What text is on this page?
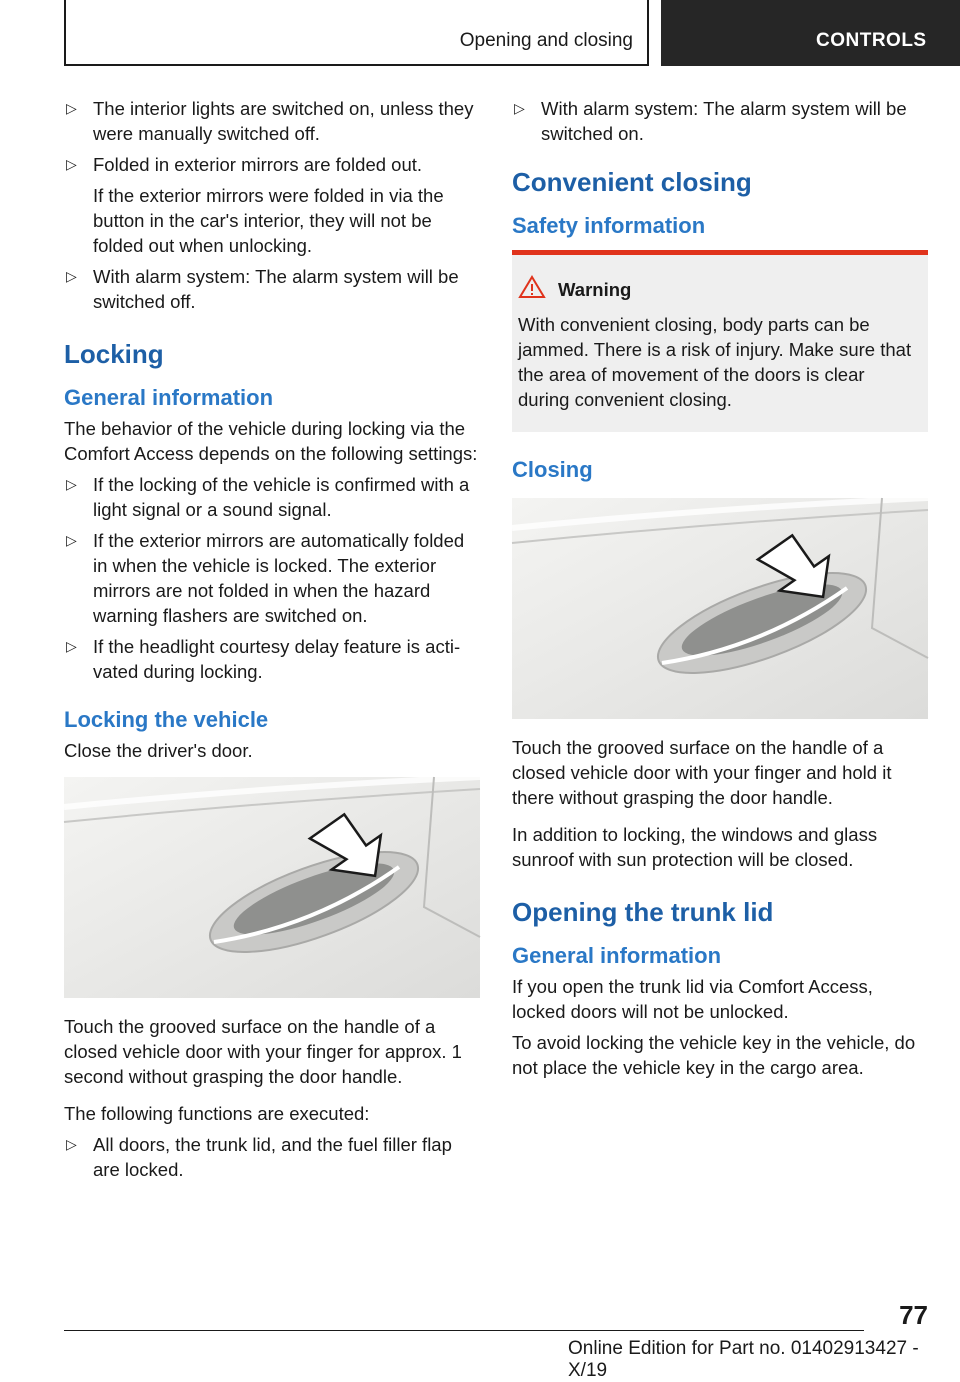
Opening and closing	CONTROLS
▷ The interior lights are switched on, unless they were manually switched off.
▷ Folded in exterior mirrors are folded out.

If the exterior mirrors were folded in via the button in the car's interior, they will not be folded out when unlocking.

▷ With alarm system: The alarm system will be switched off.
Locking
General information

The behavior of the vehicle during locking via the Comfort Access depends on the following settings:

▷ If the locking of the vehicle is confirmed with a light signal or a sound signal.
▷ If the exterior mirrors are automatically folded in when the vehicle is locked. The exterior mirrors are not folded in when the hazard warning flashers are switched on.
▷ If the headlight courtesy delay feature is activated during locking.
Locking the vehicle

Close the driver's door.

Touch the grooved surface on the handle of a closed vehicle door with your finger for approx. 1 second without grasping the door handle.

The following functions are executed:

▷ All doors, the trunk lid, and the fuel filler flap are locked.
▷ With alarm system: The alarm system will be switched on.
Convenient closing
Safety information
Warning

With convenient closing, body parts can be jammed. There is a risk of injury. Make sure that the area of movement of the doors is clear during convenient closing.

Closing

Touch the grooved surface on the handle of a closed vehicle door with your finger and hold it there without grasping the door handle.

In addition to locking, the windows and glass sunroof with sun protection will be closed.

Opening the trunk lid
General information

If you open the trunk lid via Comfort Access, locked doors will not be unlocked.

To avoid locking the vehicle key in the vehicle, do not place the vehicle key in the cargo area.

77
Online Edition for Part no. 01402913427 - X/19
